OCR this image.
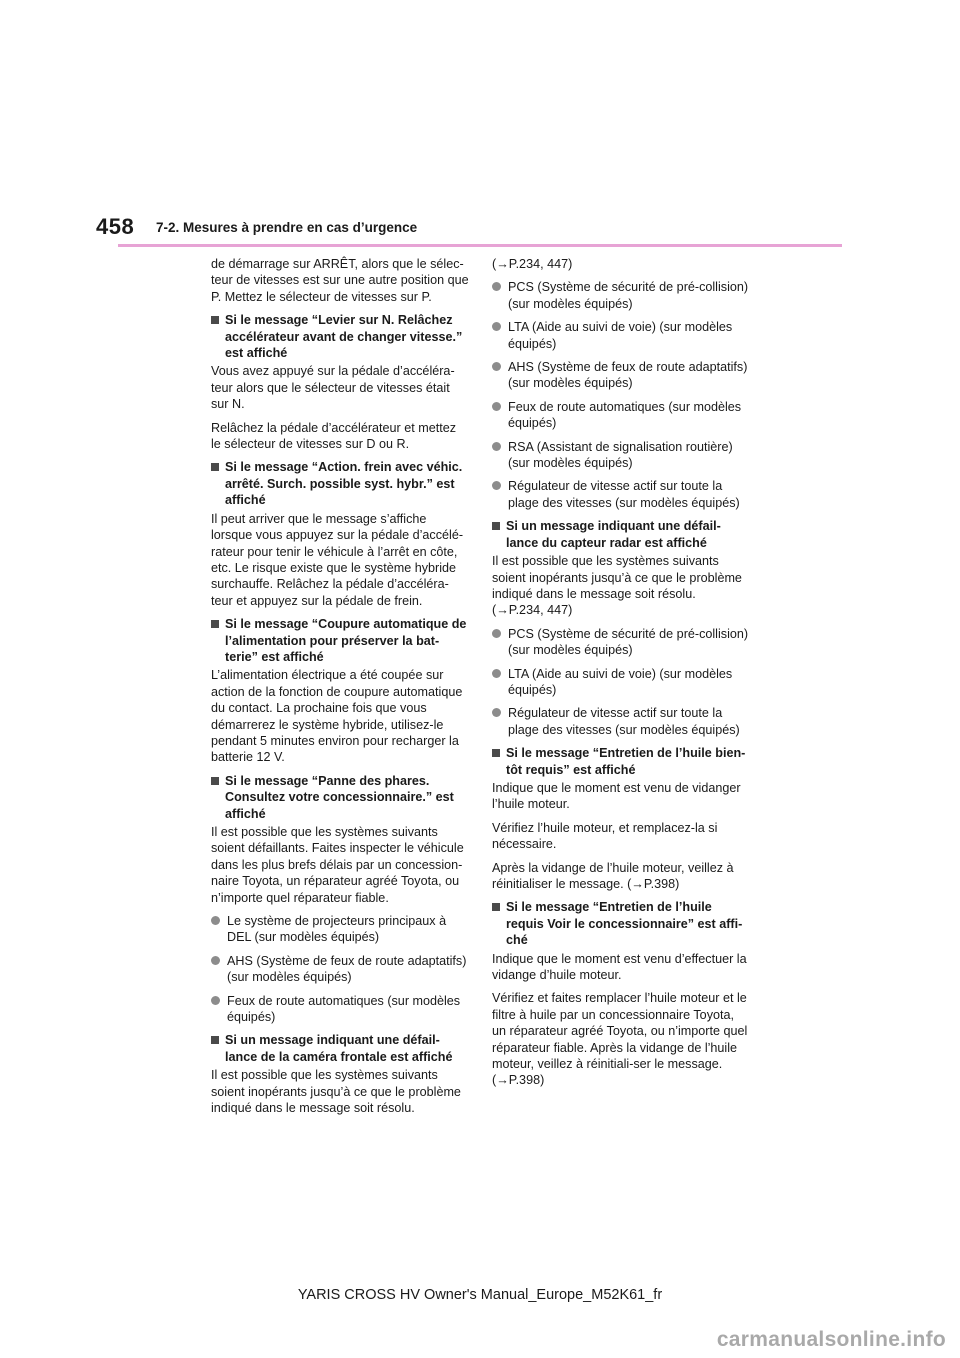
458 7-2. Mesures à prendre en cas d’urgence
de démarrage sur ARRÊT, alors que le sélec-teur de vitesses est sur une autre position que P. Mettez le sélecteur de vitesses sur P.
Si le message “Levier sur N. Relâchez accélérateur avant de changer vitesse.” est affiché
Vous avez appuyé sur la pédale d’accéléra-teur alors que le sélecteur de vitesses était sur N.
Relâchez la pédale d’accélérateur et mettez le sélecteur de vitesses sur D ou R.
Si le message “Action. frein avec véhic. arrêté. Surch. possible syst. hybr.” est affiché
Il peut arriver que le message s’affiche lorsque vous appuyez sur la pédale d’accélé-rateur pour tenir le véhicule à l’arrêt en côte, etc. Le risque existe que le système hybride surchauffe. Relâchez la pédale d’accéléra-teur et appuyez sur la pédale de frein.
Si le message “Coupure automatique de l’alimentation pour préserver la bat-terie” est affiché
L’alimentation électrique a été coupée sur action de la fonction de coupure automatique du contact. La prochaine fois que vous démarrerez le système hybride, utilisez-le pendant 5 minutes environ pour recharger la batterie 12 V.
Si le message “Panne des phares. Consultez votre concessionnaire.” est affiché
Il est possible que les systèmes suivants soient défaillants. Faites inspecter le véhicule dans les plus brefs délais par un concession-naire Toyota, un réparateur agréé Toyota, ou n’importe quel réparateur fiable.
Le système de projecteurs principaux à DEL (sur modèles équipés)
AHS (Système de feux de route adaptatifs) (sur modèles équipés)
Feux de route automatiques (sur modèles équipés)
Si un message indiquant une défail-lance de la caméra frontale est affiché
Il est possible que les systèmes suivants soient inopérants jusqu’à ce que le problème indiqué dans le message soit résolu.
(→P.234, 447)
PCS (Système de sécurité de pré-collision) (sur modèles équipés)
LTA (Aide au suivi de voie) (sur modèles équipés)
AHS (Système de feux de route adaptatifs) (sur modèles équipés)
Feux de route automatiques (sur modèles équipés)
RSA (Assistant de signalisation routière) (sur modèles équipés)
Régulateur de vitesse actif sur toute la plage des vitesses (sur modèles équipés)
Si un message indiquant une défail-lance du capteur radar est affiché
Il est possible que les systèmes suivants soient inopérants jusqu’à ce que le problème indiqué dans le message soit résolu. (→P.234, 447)
PCS (Système de sécurité de pré-collision) (sur modèles équipés)
LTA (Aide au suivi de voie) (sur modèles équipés)
Régulateur de vitesse actif sur toute la plage des vitesses (sur modèles équipés)
Si le message “Entretien de l’huile bien-tôt requis” est affiché
Indique que le moment est venu de vidanger l’huile moteur.
Vérifiez l’huile moteur, et remplacez-la si nécessaire.
Après la vidange de l’huile moteur, veillez à réinitialiser le message. (→P.398)
Si le message “Entretien de l’huile requis Voir le concessionnaire” est affi-ché
Indique que le moment est venu d’effectuer la vidange d’huile moteur.
Vérifiez et faites remplacer l’huile moteur et le filtre à huile par un concessionnaire Toyota, un réparateur agréé Toyota, ou n’importe quel réparateur fiable. Après la vidange de l’huile moteur, veillez à réinitiali-ser le message. (→P.398)
YARIS CROSS HV Owner's Manual_Europe_M52K61_fr
carmanualsonline.info
